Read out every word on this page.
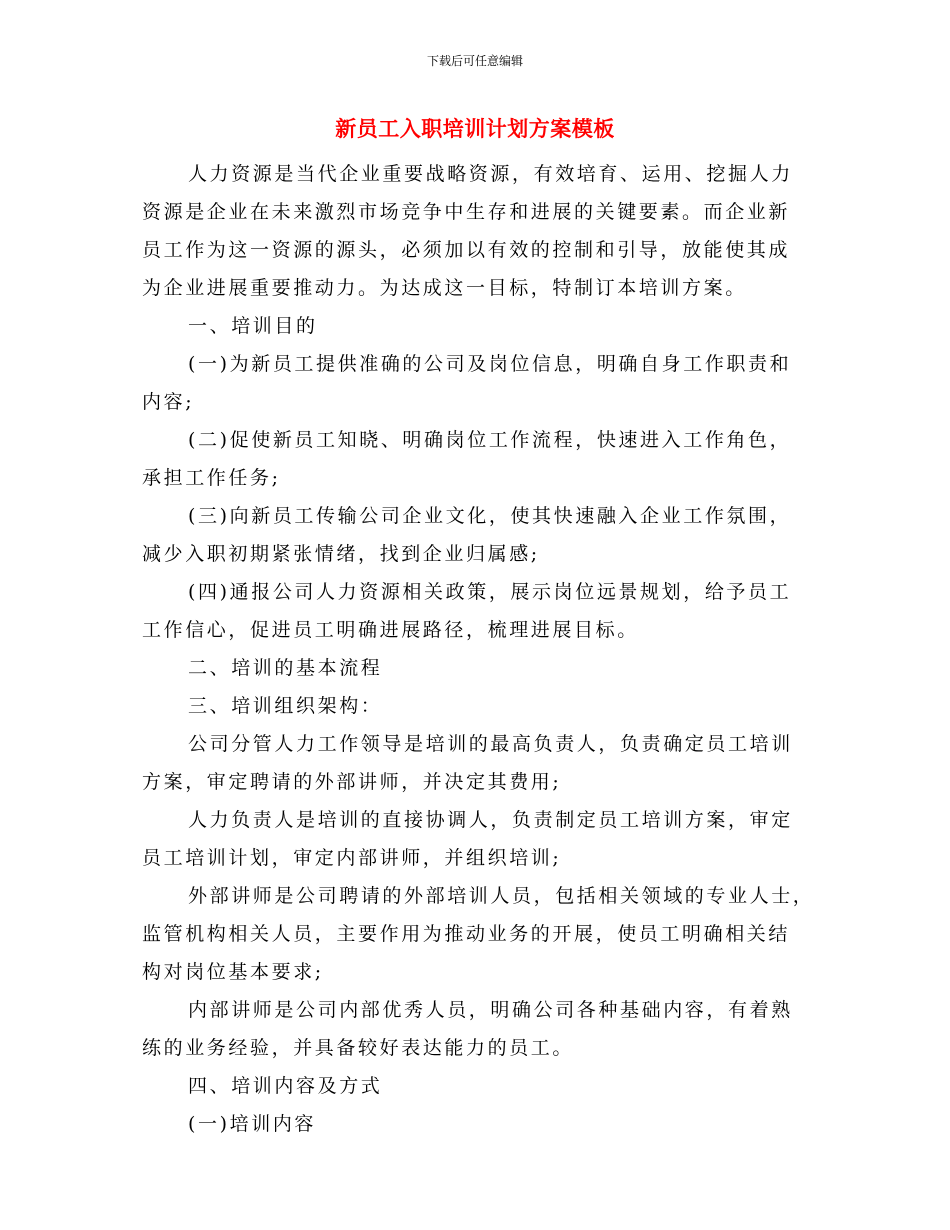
下载后可任意编辑
新员工入职培训计划方案模板
人力资源是当代企业重要战略资源，有效培育、运用、挖掘人力
资源是企业在未来激烈市场竞争中生存和进展的关键要素。而企业新
员工作为这一资源的源头，必须加以有效的控制和引导，放能使其成
为企业进展重要推动力。为达成这一目标，特制订本培训方案。
一、培训目的
(一)为新员工提供准确的公司及岗位信息，明确自身工作职责和
内容;
(二)促使新员工知晓、明确岗位工作流程，快速进入工作角色，
承担工作任务;
(三)向新员工传输公司企业文化，使其快速融入企业工作氛围，
减少入职初期紧张情绪，找到企业归属感;
(四)通报公司人力资源相关政策，展示岗位远景规划，给予员工
工作信心，促进员工明确进展路径，梳理进展目标。
二、培训的基本流程
三、培训组织架构：
公司分管人力工作领导是培训的最高负责人，负责确定员工培训
方案，审定聘请的外部讲师，并决定其费用;
人力负责人是培训的直接协调人，负责制定员工培训方案，审定
员工培训计划，审定内部讲师，并组织培训;
外部讲师是公司聘请的外部培训人员，包括相关领域的专业人士，
监管机构相关人员，主要作用为推动业务的开展，使员工明确相关结
构对岗位基本要求;
内部讲师是公司内部优秀人员，明确公司各种基础内容，有着熟
练的业务经验，并具备较好表达能力的员工。
四、培训内容及方式
(一)培训内容
